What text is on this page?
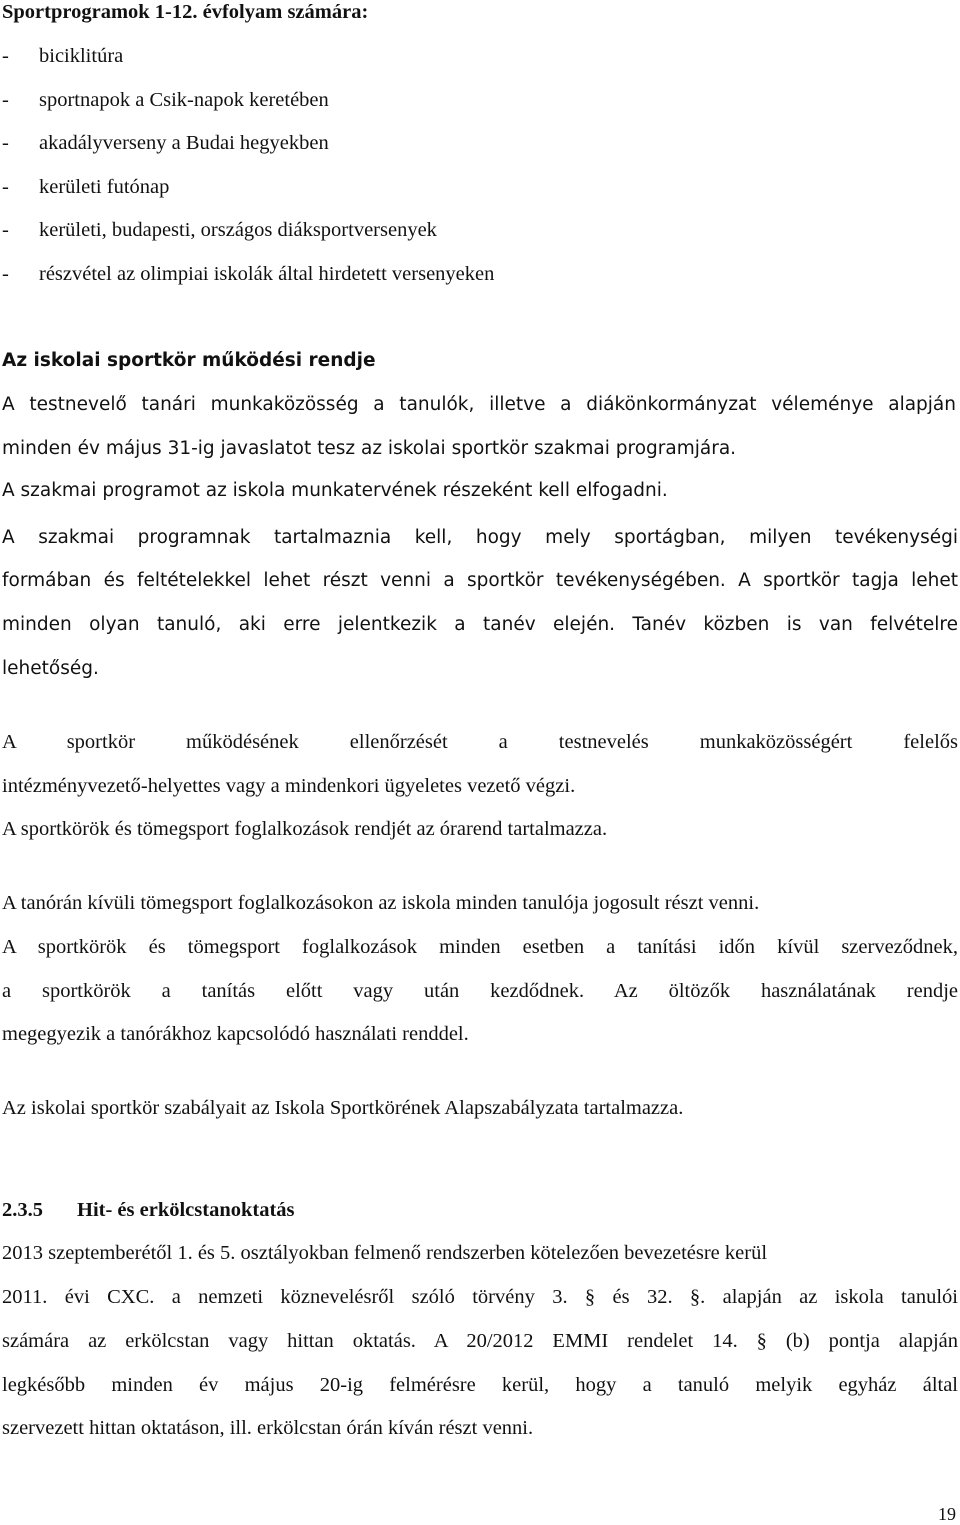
Sportprogramok 1-12. évfolyam számára:
- biciklitúra
- sportnapok a Csik-napok keretében
- akadályverseny a Budai hegyekben
- kerületi futónap
- kerületi, budapesti, országos diáksportversenyek
- részvétel az olimpiai iskolák által hirdetett versenyeken
Az iskolai sportkör működési rendje
A testnevelő tanári munkaközösség a tanulók, illetve a diákönkormányzat véleménye alapján
minden év május 31-ig javaslatot tesz az iskolai sportkör szakmai programjára.
A szakmai programot az iskola munkatervének részeként kell elfogadni.
A szakmai programnak tartalmaznia kell, hogy mely sportágban, milyen tevékenységi
formában és feltételekkel lehet részt venni a sportkör tevékenységében. A sportkör tagja lehet
minden olyan tanuló, aki erre jelentkezik a tanév elején. Tanév közben is van felvételre
lehetőség.
A sportkör működésének ellenőrzését a testnevelés munkaközösségért felelős
intézményvezető-helyettes vagy a mindenkori ügyeletes vezető végzi.
A sportkörök és tömegsport foglalkozások rendjét az órarend tartalmazza.
A tanórán kívüli tömegsport foglalkozásokon az iskola minden tanulója jogosult részt venni.
A sportkörök és tömegsport foglalkozások minden esetben a tanítási időn kívül szerveződnek,
a sportkörök a tanítás előtt vagy után kezdődnek. Az öltözők használatának rendje
megegyezik a tanórákhoz kapcsolódó használati renddel.
Az iskolai sportkör szabályait az Iskola Sportkörének Alapszabályzata tartalmazza.
2.3.5 Hit- és erkölcstanoktatás
2013 szeptemberétől 1. és 5. osztályokban felmenő rendszerben kötelezően bevezetésre kerül
2011. évi CXC. a nemzeti köznevelésről szóló törvény 3. § és 32. §. alapján az iskola tanulói
számára az erkölcstan vagy hittan oktatás. A 20/2012 EMMI rendelet 14. § (b) pontja alapján
legkésőbb minden év május 20-ig felmérésre kerül, hogy a tanuló melyik egyház által
szervezett hittan oktatáson, ill. erkölcstan órán kíván részt venni.
19
